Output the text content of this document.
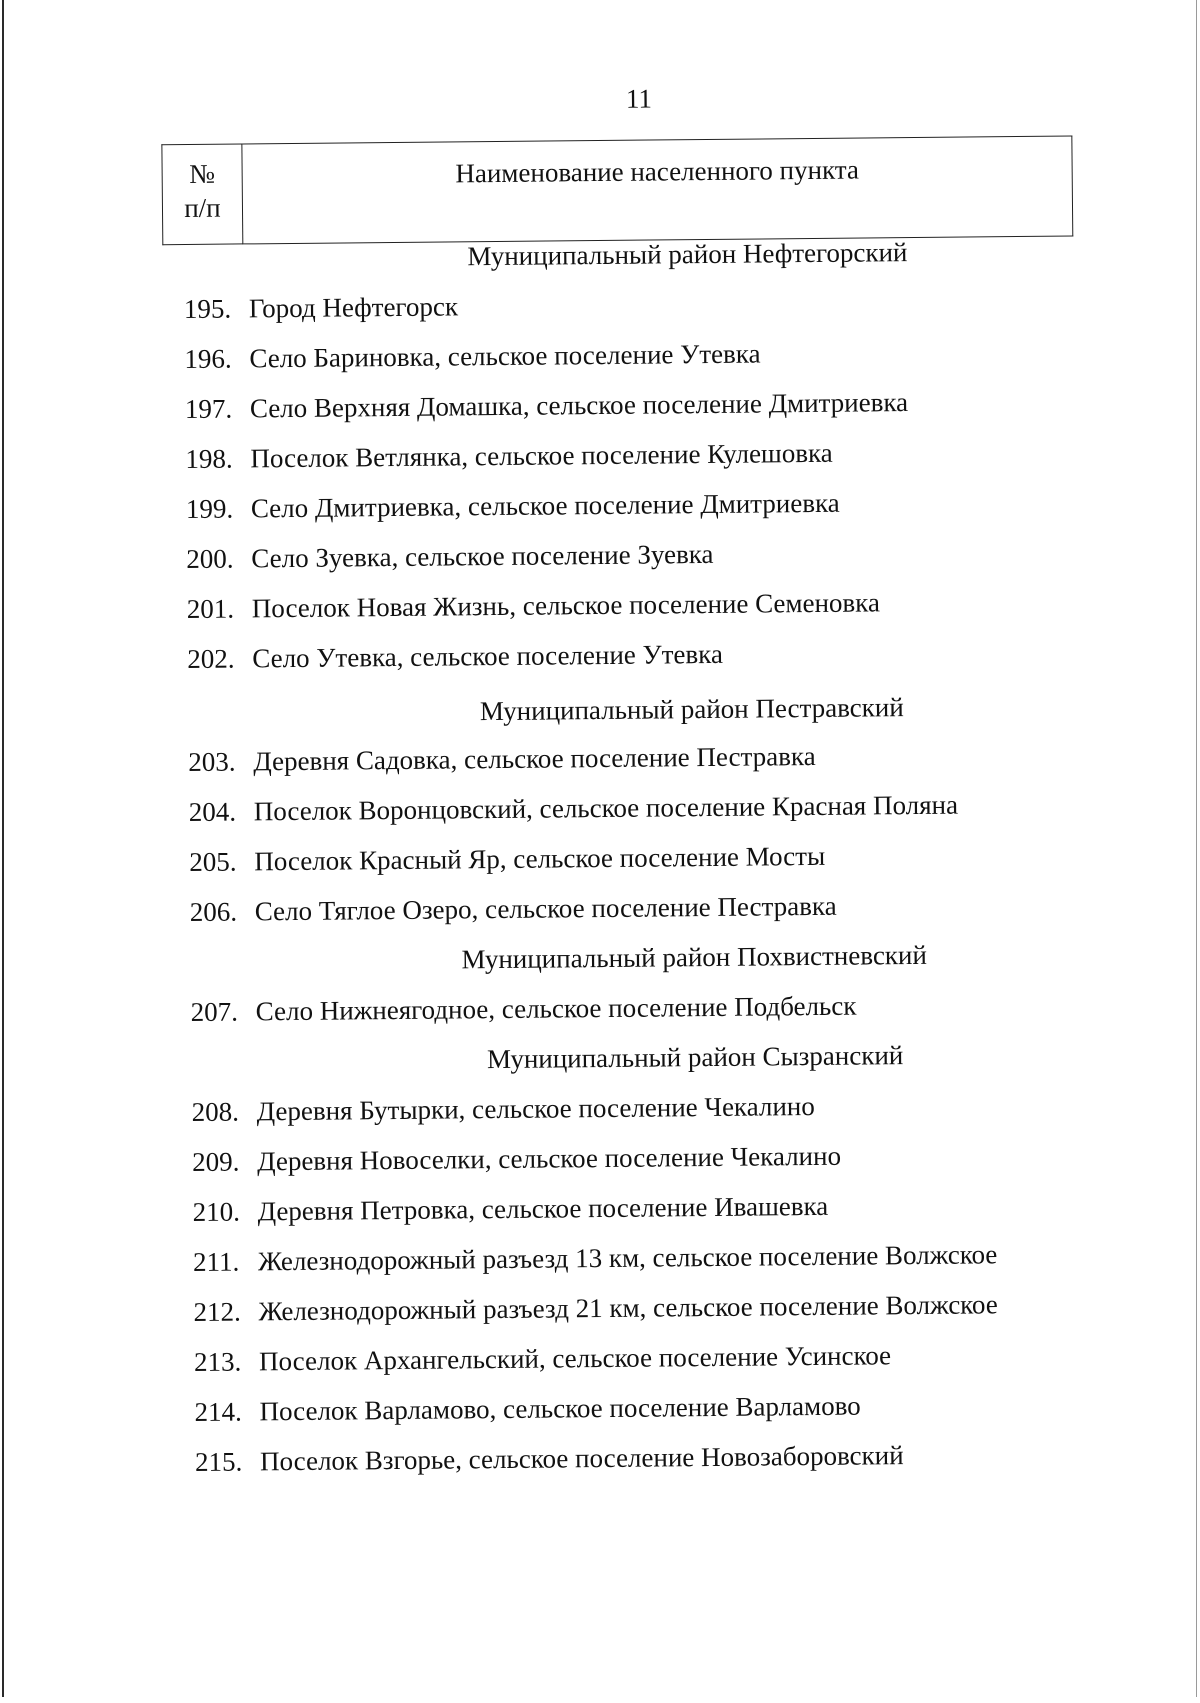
11
№
п/п
	Наименование населенного пункта
Муниципальный район Нефтегорский
195. Город Нефтегорск
196. Село Бариновка, сельское поселение Утевка
197. Село Верхняя Домашка, сельское поселение Дмитриевка
198. Поселок Ветлянка, сельское поселение Кулешовка
199. Село Дмитриевка, сельское поселение Дмитриевка
200. Село Зуевка, сельское поселение Зуевка
201. Поселок Новая Жизнь, сельское поселение Семеновка
202. Село Утевка, сельское поселение Утевка
Муниципальный район Пестравский
203. Деревня Садовка, сельское поселение Пестравка
204. Поселок Воронцовский, сельское поселение Красная Поляна
205. Поселок Красный Яр, сельское поселение Мосты
206. Село Тяглое Озеро, сельское поселение Пестравка
Муниципальный район Похвистневский
207. Село Нижнеягодное, сельское поселение Подбельск
Муниципальный район Сызранский
208. Деревня Бутырки, сельское поселение Чекалино
209. Деревня Новоселки, сельское поселение Чекалино
210. Деревня Петровка, сельское поселение Ивашевка
211. Железнодорожный разъезд 13 км, сельское поселение Волжское
212. Железнодорожный разъезд 21 км, сельское поселение Волжское
213. Поселок Архангельский, сельское поселение Усинское
214. Поселок Варламово, сельское поселение Варламово
215. Поселок Взгорье, сельское поселение Новозаборовский
